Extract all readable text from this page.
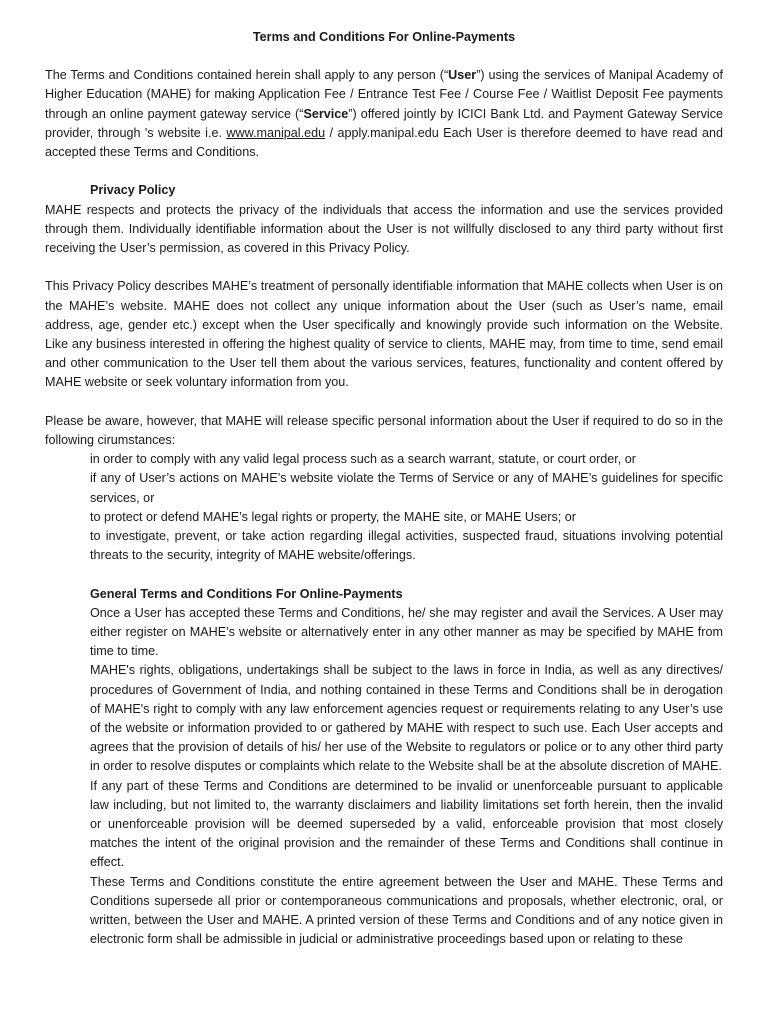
Terms and Conditions For Online-Payments

The Terms and Conditions contained herein shall apply to any person (“User”) using the services of Manipal Academy of Higher Education (MAHE) for making Application Fee / Entrance Test Fee / Course Fee / Waitlist Deposit Fee payments through an online payment gateway service (“Service”) offered jointly by ICICI Bank Ltd. and Payment Gateway Service provider, through 's website i.e. www.manipal.edu / apply.manipal.edu Each User is therefore deemed to have read and accepted these Terms and Conditions.

Privacy Policy

MAHE respects and protects the privacy of the individuals that access the information and use the services provided through them. Individually identifiable information about the User is not willfully disclosed to any third party without first receiving the User’s permission, as covered in this Privacy Policy.

This Privacy Policy describes MAHE’s treatment of personally identifiable information that MAHE collects when User is on the MAHE’s website. MAHE does not collect any unique information about the User (such as User’s name, email address, age, gender etc.) except when the User specifically and knowingly provide such information on the Website. Like any business interested in offering the highest quality of service to clients, MAHE may, from time to time, send email and other communication to the User tell them about the various services, features, functionality and content offered by MAHE website or seek voluntary information from you.

Please be aware, however, that MAHE will release specific personal information about the User if required to do so in the following cirumstances:

in order to comply with any valid legal process such as a search warrant, statute, or court order, or

if any of User’s actions on MAHE’s website violate the Terms of Service or any of MAHE’s guidelines for specific services, or

to protect or defend MAHE’s legal rights or property, the MAHE site, or MAHE Users; or

to investigate, prevent, or take action regarding illegal activities, suspected fraud, situations involving potential threats to the security, integrity of MAHE website/offerings.

General Terms and Conditions For Online-Payments

Once a User has accepted these Terms and Conditions, he/ she may register and avail the Services. A User may either register on MAHE’s website or alternatively enter in any other manner as may be specified by MAHE from time to time.

MAHE's rights, obligations, undertakings shall be subject to the laws in force in India, as well as any directives/ procedures of Government of India, and nothing contained in these Terms and Conditions shall be in derogation of MAHE's right to comply with any law enforcement agencies request or requirements relating to any User’s use of the website or information provided to or gathered by MAHE with respect to such use. Each User accepts and agrees that the provision of details of his/ her use of the Website to regulators or police or to any other third party in order to resolve disputes or complaints which relate to the Website shall be at the absolute discretion of MAHE.

If any part of these Terms and Conditions are determined to be invalid or unenforceable pursuant to applicable law including, but not limited to, the warranty disclaimers and liability limitations set forth herein, then the invalid or unenforceable provision will be deemed superseded by a valid, enforceable provision that most closely matches the intent of the original provision and the remainder of these Terms and Conditions shall continue in effect.

These Terms and Conditions constitute the entire agreement between the User and MAHE. These Terms and Conditions supersede all prior or contemporaneous communications and proposals, whether electronic, oral, or written, between the User and MAHE. A printed version of these Terms and Conditions and of any notice given in electronic form shall be admissible in judicial or administrative proceedings based upon or relating to these
